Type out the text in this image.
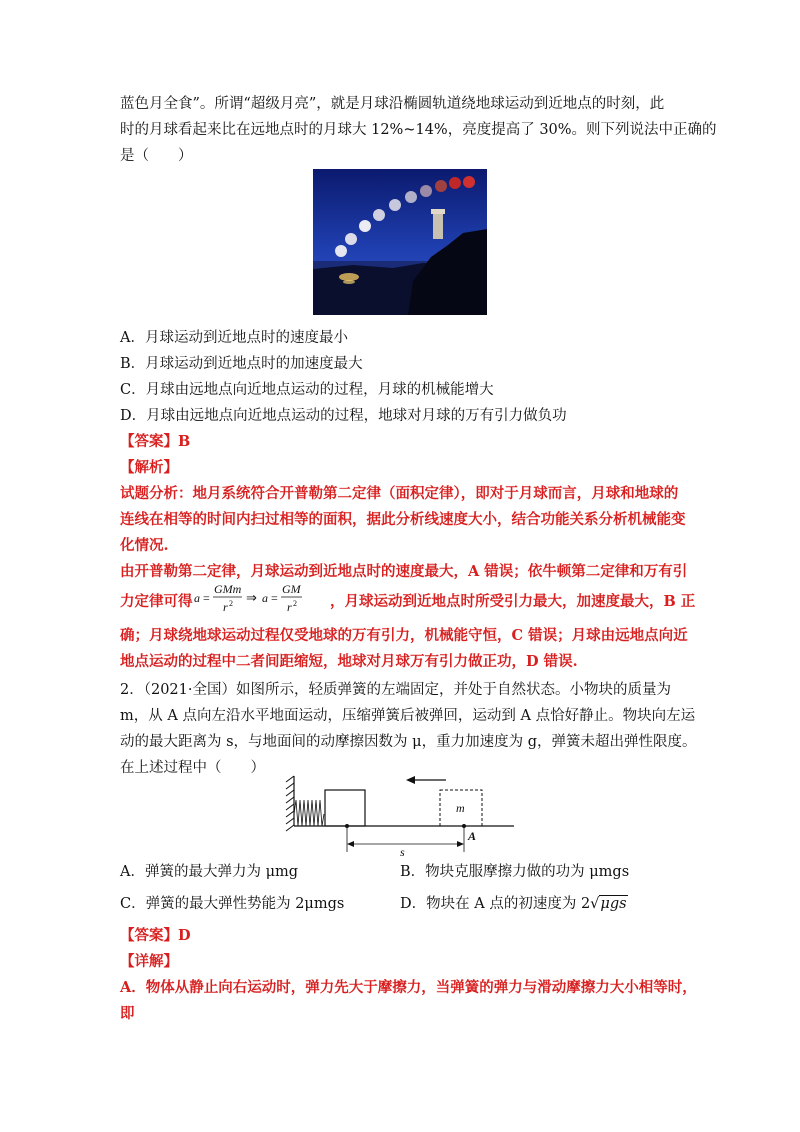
蓝色月全食”。所谓“超级月亮”，就是月球沿椭圆轨道绕地球运动到近地点的时刻，此
时的月球看起来比在远地点时的月球大 12%~14%，亮度提高了 30%。则下列说法中正确的
是（　　）
A．月球运动到近地点时的速度最小
B．月球运动到近地点时的加速度最大
C．月球由远地点向近地点运动的过程，月球的机械能增大
D．月球由远地点向近地点运动的过程，地球对月球的万有引力做负功
【答案】B
【解析】
试题分析：地月系统符合开普勒第二定律（面积定律），即对于月球而言，月球和地球的
连线在相等的时间内扫过相等的面积，据此分析线速度大小，结合功能关系分析机械能变
化情况.
由开普勒第二定律，月球运动到近地点时的速度最大，A 错误；依牛顿第二定律和万有引
力定律可得 a =
GMm
r 2 ⇒ a =
GM
r 2 ，月球运动到近地点时所受引力最大，加速度最大，B 正
确；月球绕地球运动过程仅受地球的万有引力，机械能守恒，C 错误；月球由远地点向近
地点运动的过程中二者间距缩短，地球对月球万有引力做正功，D 错误.
2．（2021·全国）如图所示，轻质弹簧的左端固定，并处于自然状态。小物块的质量为
m，从 A 点向左沿水平地面运动，压缩弹簧后被弹回，运动到 A 点恰好静止。物块向左运
动的最大距离为 s，与地面间的动摩擦因数为 μ，重力加速度为 g，弹簧未超出弹性限度。
在上述过程中（　　）
m
A
s
A．弹簧的最大弹力为 μmg	B．物块克服摩擦力做的功为 μmgs
C．弹簧的最大弹性势能为 2μmgs	D．物块在 A 点的初速度为 2√μgs
【答案】D
【详解】
A．物体从静止向右运动时，弹力先大于摩擦力，当弹簧的弹力与滑动摩擦力大小相等时，
即
